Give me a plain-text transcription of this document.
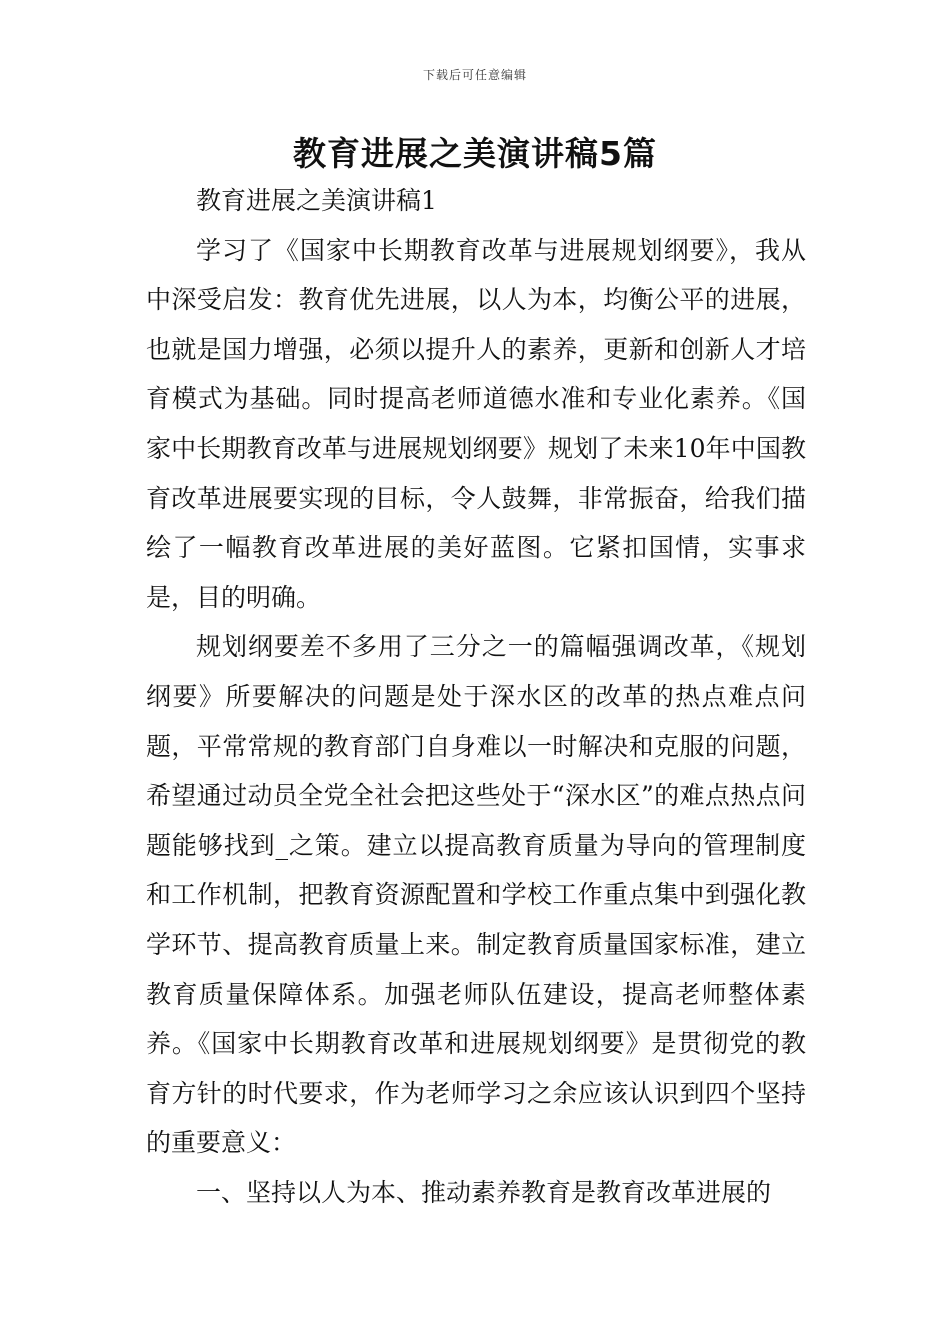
下载后可任意编辑
教育进展之美演讲稿5篇

教育进展之美演讲稿1

学习了《国家中长期教育改革与进展规划纲要》，我从中深受启发：教育优先进展，以人为本，均衡公平的进展，也就是国力增强，必须以提升人的素养，更新和创新人才培育模式为基础。同时提高老师道德水准和专业化素养。《国家中长期教育改革与进展规划纲要》规划了未来10年中国教育改革进展要实现的目标，令人鼓舞，非常振奋，给我们描绘了一幅教育改革进展的美好蓝图。它紧扣国情，实事求是，目的明确。

规划纲要差不多用了三分之一的篇幅强调改革，《规划纲要》所要解决的问题是处于深水区的改革的热点难点问题，平常常规的教育部门自身难以一时解决和克服的问题，希望通过动员全党全社会把这些处于“深水区”的难点热点问题能够找到_之策。建立以提高教育质量为导向的管理制度和工作机制，把教育资源配置和学校工作重点集中到强化教学环节、提高教育质量上来。制定教育质量国家标准，建立教育质量保障体系。加强老师队伍建设，提高老师整体素养。《国家中长期教育改革和进展规划纲要》是贯彻党的教育方针的时代要求，作为老师学习之余应该认识到四个坚持的重要意义：

一、坚持以人为本、推动素养教育是教育改革进展的
